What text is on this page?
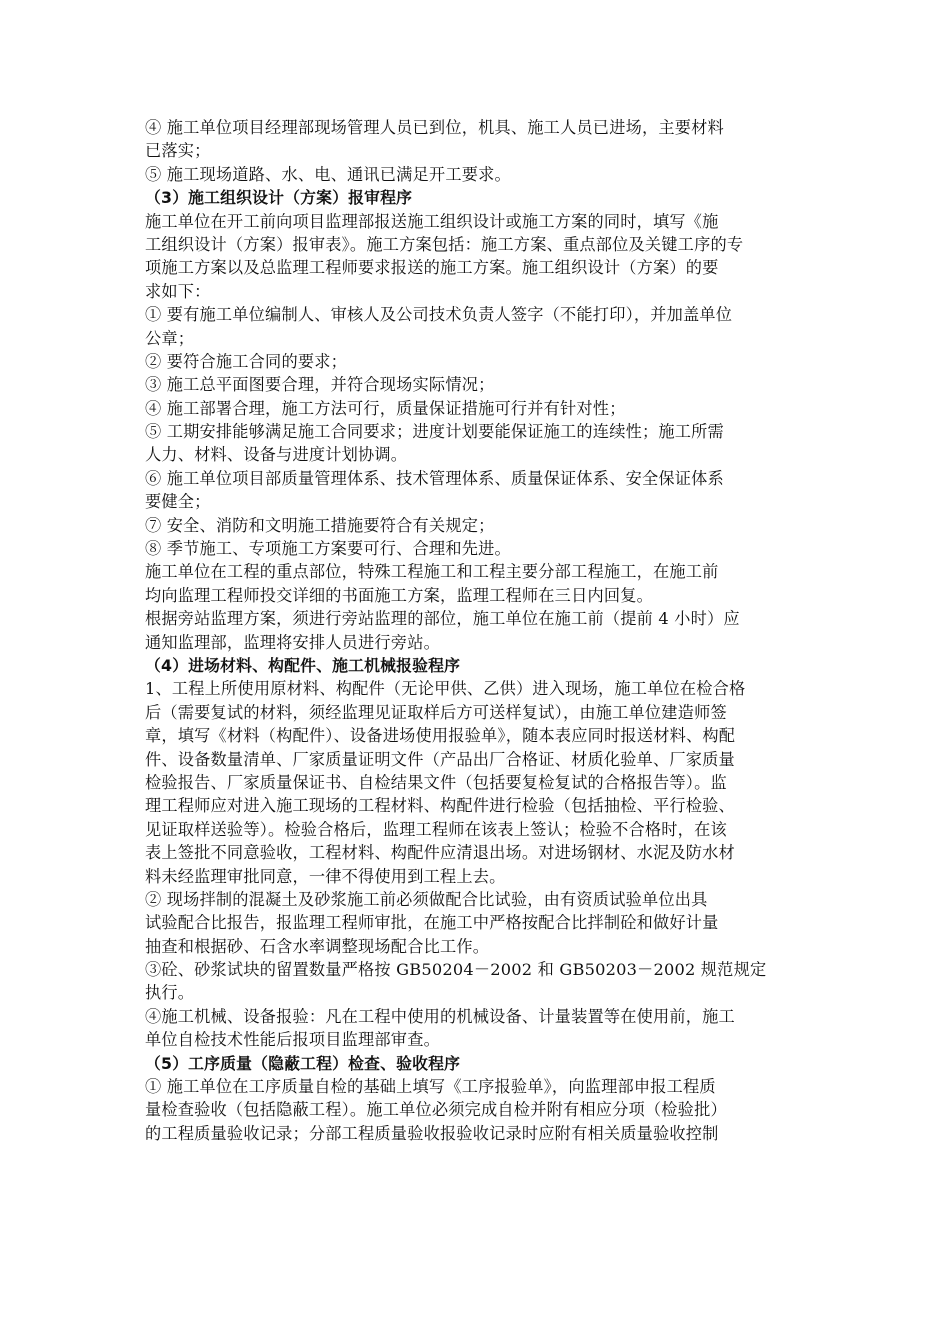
④ 施工单位项目经理部现场管理人员已到位，机具、施工人员已进场，主要材料
已落实；
⑤ 施工现场道路、水、电、通讯已满足开工要求。
（3）施工组织设计（方案）报审程序
施工单位在开工前向项目监理部报送施工组织设计或施工方案的同时，填写《施
工组织设计（方案）报审表》。施工方案包括：施工方案、重点部位及关键工序的专
项施工方案以及总监理工程师要求报送的施工方案。施工组织设计（方案）的要
求如下：
① 要有施工单位编制人、审核人及公司技术负责人签字（不能打印），并加盖单位
公章；
② 要符合施工合同的要求；
③ 施工总平面图要合理，并符合现场实际情况；
④ 施工部署合理，施工方法可行，质量保证措施可行并有针对性；
⑤ 工期安排能够满足施工合同要求；进度计划要能保证施工的连续性；施工所需
人力、材料、设备与进度计划协调。
⑥ 施工单位项目部质量管理体系、技术管理体系、质量保证体系、安全保证体系
要健全；
⑦ 安全、消防和文明施工措施要符合有关规定；
⑧ 季节施工、专项施工方案要可行、合理和先进。
施工单位在工程的重点部位，特殊工程施工和工程主要分部工程施工，在施工前
均向监理工程师投交详细的书面施工方案，监理工程师在三日内回复。
根据旁站监理方案，须进行旁站监理的部位，施工单位在施工前（提前 4 小时）应
通知监理部，监理将安排人员进行旁站。
（4）进场材料、构配件、施工机械报验程序
1、工程上所使用原材料、构配件（无论甲供、乙供）进入现场，施工单位在检合格
后（需要复试的材料，须经监理见证取样后方可送样复试），由施工单位建造师签
章，填写《材料（构配件）、设备进场使用报验单》，随本表应同时报送材料、构配
件、设备数量清单、厂家质量证明文件（产品出厂合格证、材质化验单、厂家质量
检验报告、厂家质量保证书、自检结果文件（包括要复检复试的合格报告等）。监
理工程师应对进入施工现场的工程材料、构配件进行检验（包括抽检、平行检验、
见证取样送验等）。检验合格后，监理工程师在该表上签认；检验不合格时，在该
表上签批不同意验收，工程材料、构配件应清退出场。对进场钢材、水泥及防水材
料未经监理审批同意，一律不得使用到工程上去。
② 现场拌制的混凝土及砂浆施工前必须做配合比试验，由有资质试验单位出具
试验配合比报告，报监理工程师审批，在施工中严格按配合比拌制砼和做好计量
抽查和根据砂、石含水率调整现场配合比工作。
③砼、砂浆试块的留置数量严格按 GB50204－2002 和 GB50203－2002 规范规定
执行。
④施工机械、设备报验：凡在工程中使用的机械设备、计量装置等在使用前，施工
单位自检技术性能后报项目监理部审查。
（5）工序质量（隐蔽工程）检查、验收程序
① 施工单位在工序质量自检的基础上填写《工序报验单》，向监理部申报工程质
量检查验收（包括隐蔽工程）。施工单位必须完成自检并附有相应分项（检验批）
的工程质量验收记录；分部工程质量验收报验收记录时应附有相关质量验收控制
